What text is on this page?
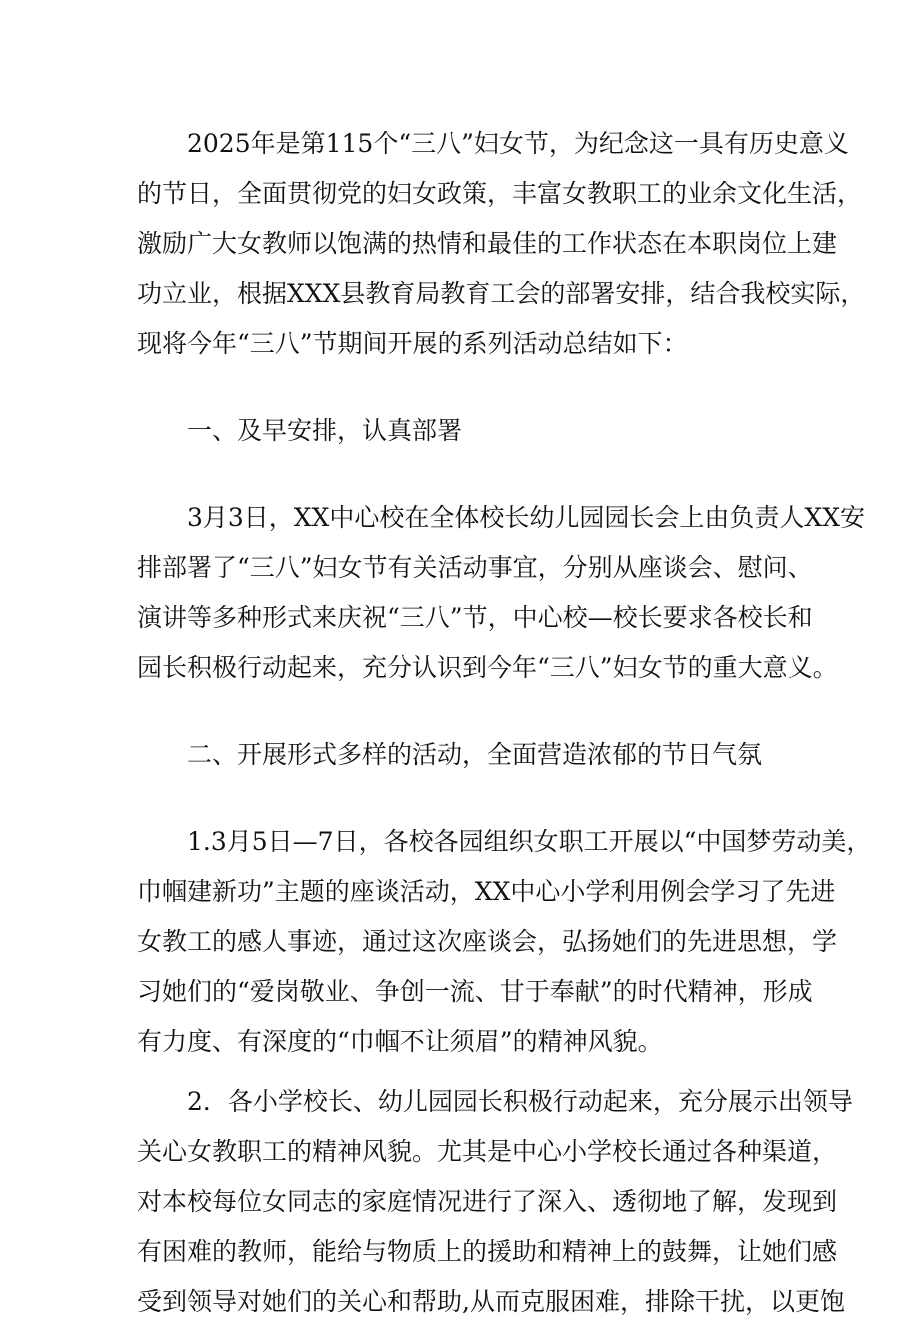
2025年是第115个“三八”妇女节，为纪念这一具有历史意义

的节日，全面贯彻党的妇女政策，丰富女教职工的业余文化生活，

激励广大女教师以饱满的热情和最佳的工作状态在本职岗位上建

功立业，根据XXX县教育局教育工会的部署安排，结合我校实际，

现将今年“三八”节期间开展的系列活动总结如下：

一、及早安排，认真部署

3月3日，XX中心校在全体校长幼儿园园长会上由负责人XX安

排部署了“三八”妇女节有关活动事宜，分别从座谈会、慰问、

演讲等多种形式来庆祝“三八”节，中心校—校长要求各校长和

园长积极行动起来，充分认识到今年“三八”妇女节的重大意义。

二、开展形式多样的活动，全面营造浓郁的节日气氛

1.3月5日—7日，各校各园组织女职工开展以“中国梦劳动美，

巾帼建新功”主题的座谈活动，XX中心小学利用例会学习了先进

女教工的感人事迹，通过这次座谈会，弘扬她们的先进思想，学

习她们的“爱岗敬业、争创一流、甘于奉献”的时代精神，形成

有力度、有深度的“巾帼不让须眉”的精神风貌。

2．各小学校长、幼儿园园长积极行动起来，充分展示出领导

关心女教职工的精神风貌。尤其是中心小学校长通过各种渠道，

对本校每位女同志的家庭情况进行了深入、透彻地了解，发现到

有困难的教师，能给与物质上的援助和精神上的鼓舞，让她们感

受到领导对她们的关心和帮助,从而克服困难，排除干扰，以更饱
